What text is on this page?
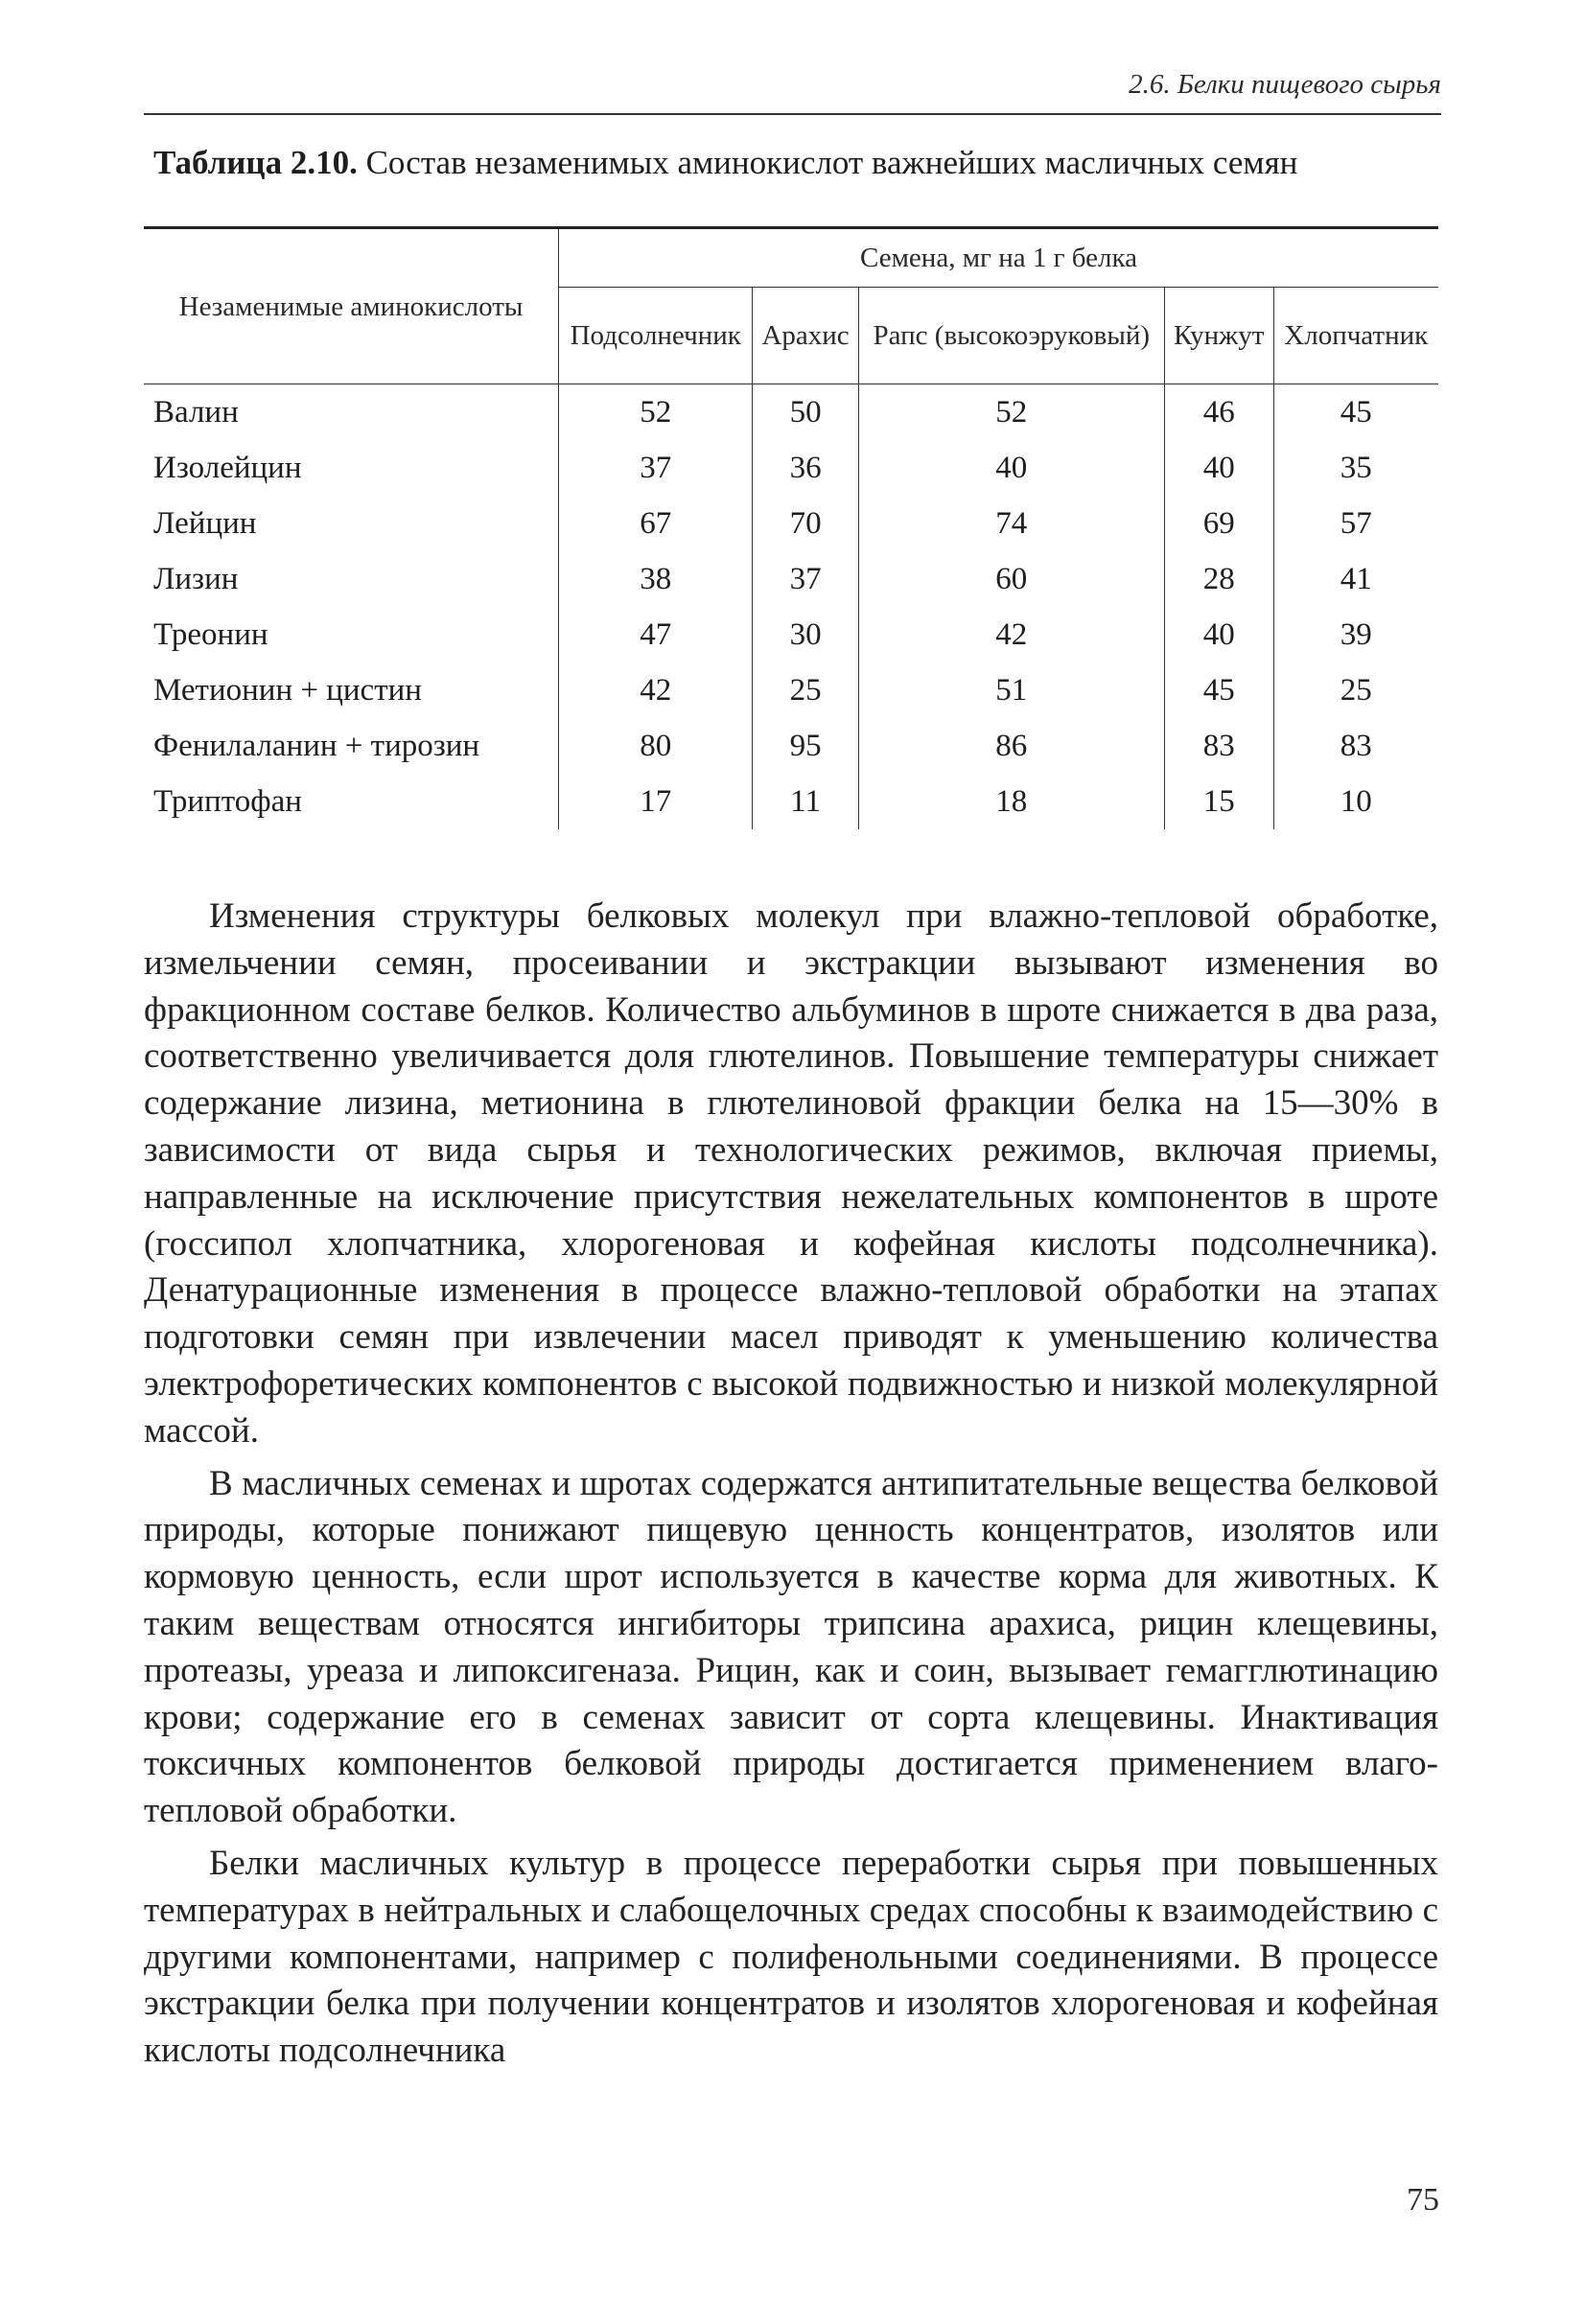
2.6. Белки пищевого сырья
Таблица 2.10. Состав незаменимых аминокислот важнейших масличных семян
Незаменимые аминокислоты	Семена, мг на 1 г белка				
	Подсолнечник	Арахис	Рапс (высокоэруковый)	Кунжут	Хлопчатник
Валин	52	50	52	46	45
Изолейцин	37	36	40	40	35
Лейцин	67	70	74	69	57
Лизин	38	37	60	28	41
Треонин	47	30	42	40	39
Метионин + цистин	42	25	51	45	25
Фенилаланин + тирозин	80	95	86	83	83
Триптофан	17	11	18	15	10

Изменения структуры белковых молекул при влажно-тепловой обработке, измельчении семян, просеивании и экстракции вызывают изменения во фракционном составе белков. Количество альбуминов в шроте снижается в два раза, соответственно увеличивается доля глютелинов. Повышение температуры снижает содержание лизина, метионина в глютелиновой фракции белка на 15—30% в зависимости от вида сырья и технологических режимов, включая приемы, направленные на исключение присутствия нежелательных компонентов в шроте (госсипол хлопчатника, хлорогеновая и кофейная кислоты подсолнечника). Денатурационные изменения в процессе влажно-тепловой обработки на этапах подготовки семян при извлечении масел приводят к уменьшению количества электрофоретических компонентов с высокой подвижностью и низкой молекулярной массой.

В масличных семенах и шротах содержатся антипитательные вещества белковой природы, которые понижают пищевую ценность концентратов, изолятов или кормовую ценность, если шрот используется в качестве корма для животных. К таким веществам относятся ингибиторы трипсина арахиса, рицин клещевины, протеазы, уреаза и липоксигеназа. Рицин, как и соин, вызывает гемагглютинацию крови; содержание его в семенах зависит от сорта клещевины. Инактивация токсичных компонентов белковой природы достигается применением влаго-тепловой обработки.

Белки масличных культур в процессе переработки сырья при повышенных температурах в нейтральных и слабощелочных средах способны к взаимодействию с другими компонентами, например с полифенольными соединениями. В процессе экстракции белка при получении концентратов и изолятов хлорогеновая и кофейная кислоты подсолнечника

75
